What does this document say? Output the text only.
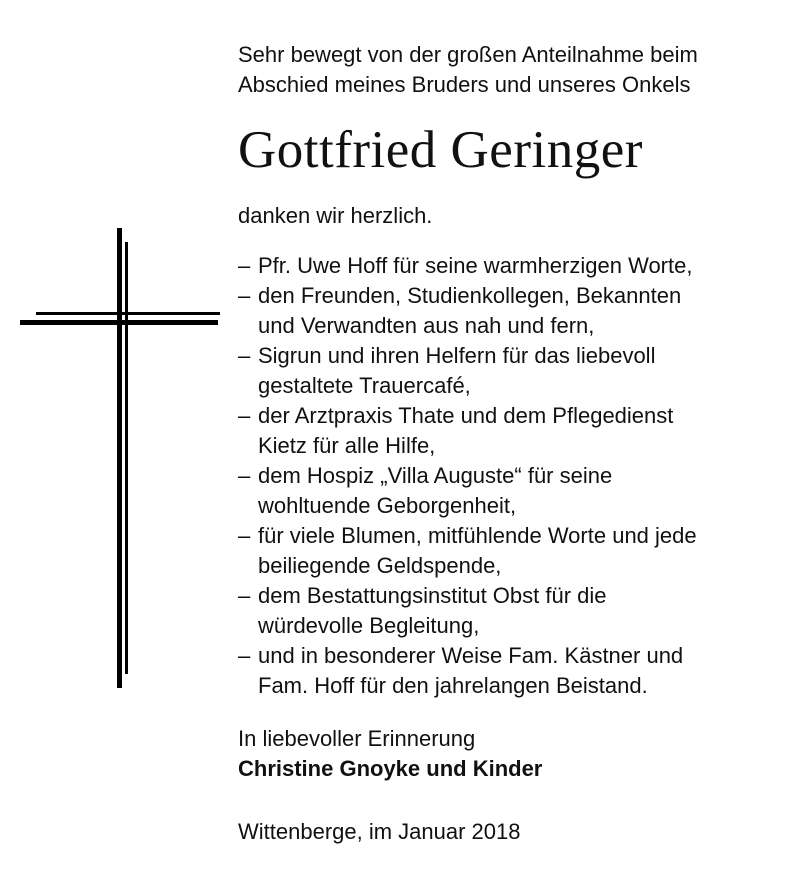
Sehr bewegt von der großen Anteilnahme beim
Abschied meines Bruders und unseres Onkels
Gottfried Geringer
danken wir herzlich.
– Pfr. Uwe Hoff für seine warmherzigen Worte,
– den Freunden, Studienkollegen, Bekannten
und Verwandten aus nah und fern,
– Sigrun und ihren Helfern für das liebevoll
gestaltete Trauercafé,
– der Arztpraxis Thate und dem Pflegedienst
Kietz für alle Hilfe,
– dem Hospiz „Villa Auguste“ für seine
wohltuende Geborgenheit,
– für viele Blumen, mitfühlende Worte und jede
beiliegende Geldspende,
– dem Bestattungsinstitut Obst für die
würdevolle Begleitung,
– und in besonderer Weise Fam. Kästner und
Fam. Hoff für den jahrelangen Beistand.
In liebevoller Erinnerung
Christine Gnoyke und Kinder
Wittenberge, im Januar 2018
